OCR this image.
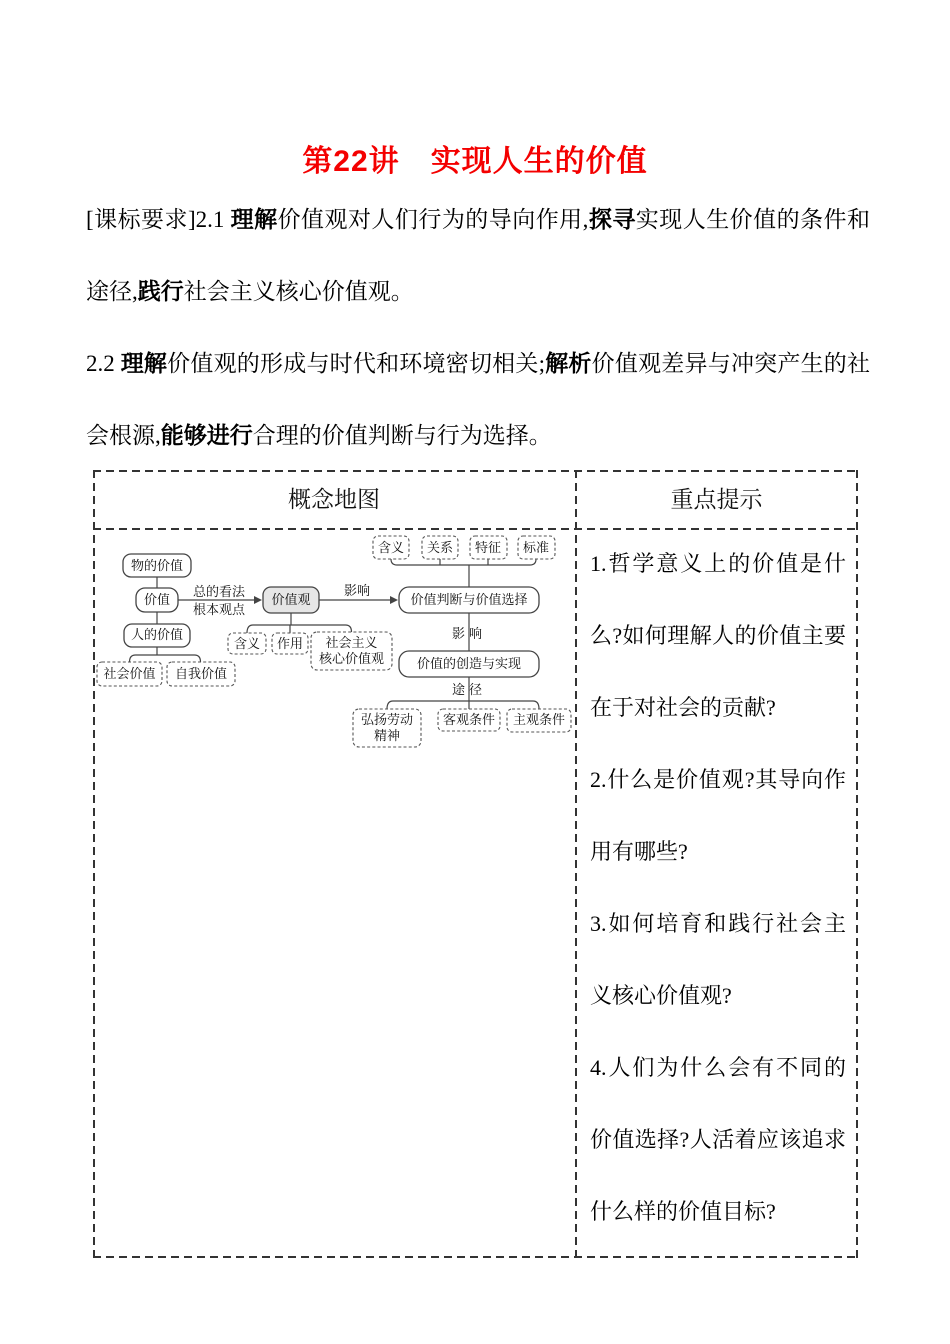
第22讲　实现人生的价值

[课标要求]2.1 理解价值观对人们行为的导向作用,探寻实现人生价值的条件和途径,践行社会主义核心价值观。

2.2 理解价值观的形成与时代和环境密切相关;解析价值观差异与冲突产生的社会根源,能够进行合理的价值判断与行为选择。

概念地图	重点提示
1.哲学意义上的价值是什么?如何理解人的价值主要在于对社会的贡献?
2.什么是价值观?其导向作用有哪些?
3.如何培育和践行社会主义核心价值观?
4.人们为什么会有不同的价值选择?人活着应该追求什么样的价值目标?
总的看法
根本观点
影响
影响
途径
物的价值
价值
人的价值
价值观	价值判断与价值选择
价值的创造与实现
含义 关系 特征 标准
社会价值 自我价值
含义 作用 社会主义
核心价值观
弘扬劳动
精神
客观条件 主观条件
